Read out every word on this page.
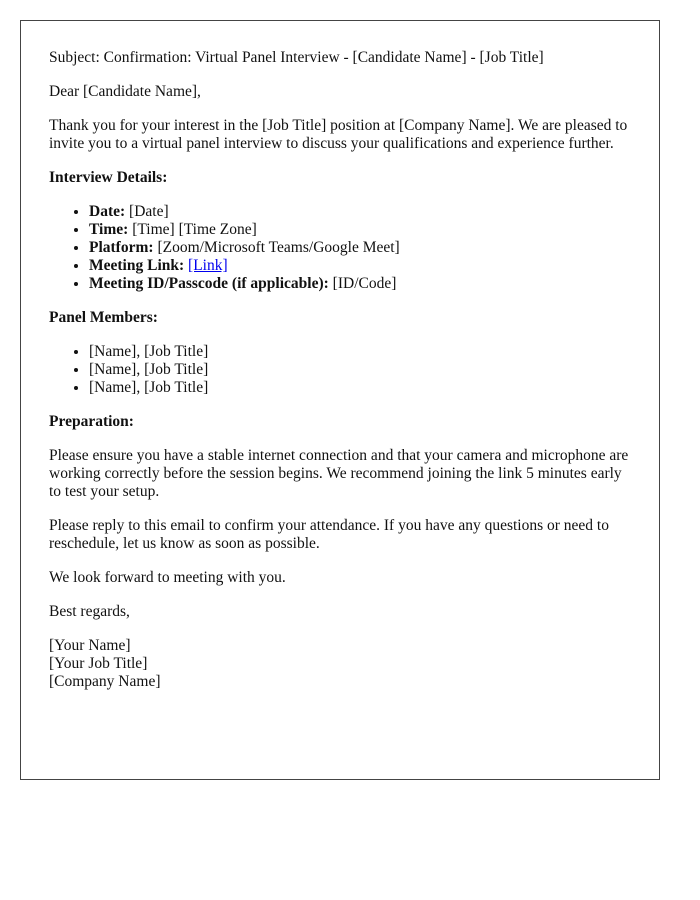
Subject: Confirmation: Virtual Panel Interview - [Candidate Name] - [Job Title]

Dear [Candidate Name],

Thank you for your interest in the [Job Title] position at [Company Name]. We are pleased to invite you to a virtual panel interview to discuss your qualifications and experience further.

Interview Details:
• Date: [Date]
• Time: [Time] [Time Zone]
• Platform: [Zoom/Microsoft Teams/Google Meet]
• Meeting Link: [Link]
• Meeting ID/Passcode (if applicable): [ID/Code]
Panel Members:
• [Name], [Job Title]
• [Name], [Job Title]
• [Name], [Job Title]
Preparation:

Please ensure you have a stable internet connection and that your camera and microphone are working correctly before the session begins. We recommend joining the link 5 minutes early to test your setup.

Please reply to this email to confirm your attendance. If you have any questions or need to reschedule, let us know as soon as possible.

We look forward to meeting with you.

Best regards,

[Your Name]

[Your Job Title]

[Company Name]
